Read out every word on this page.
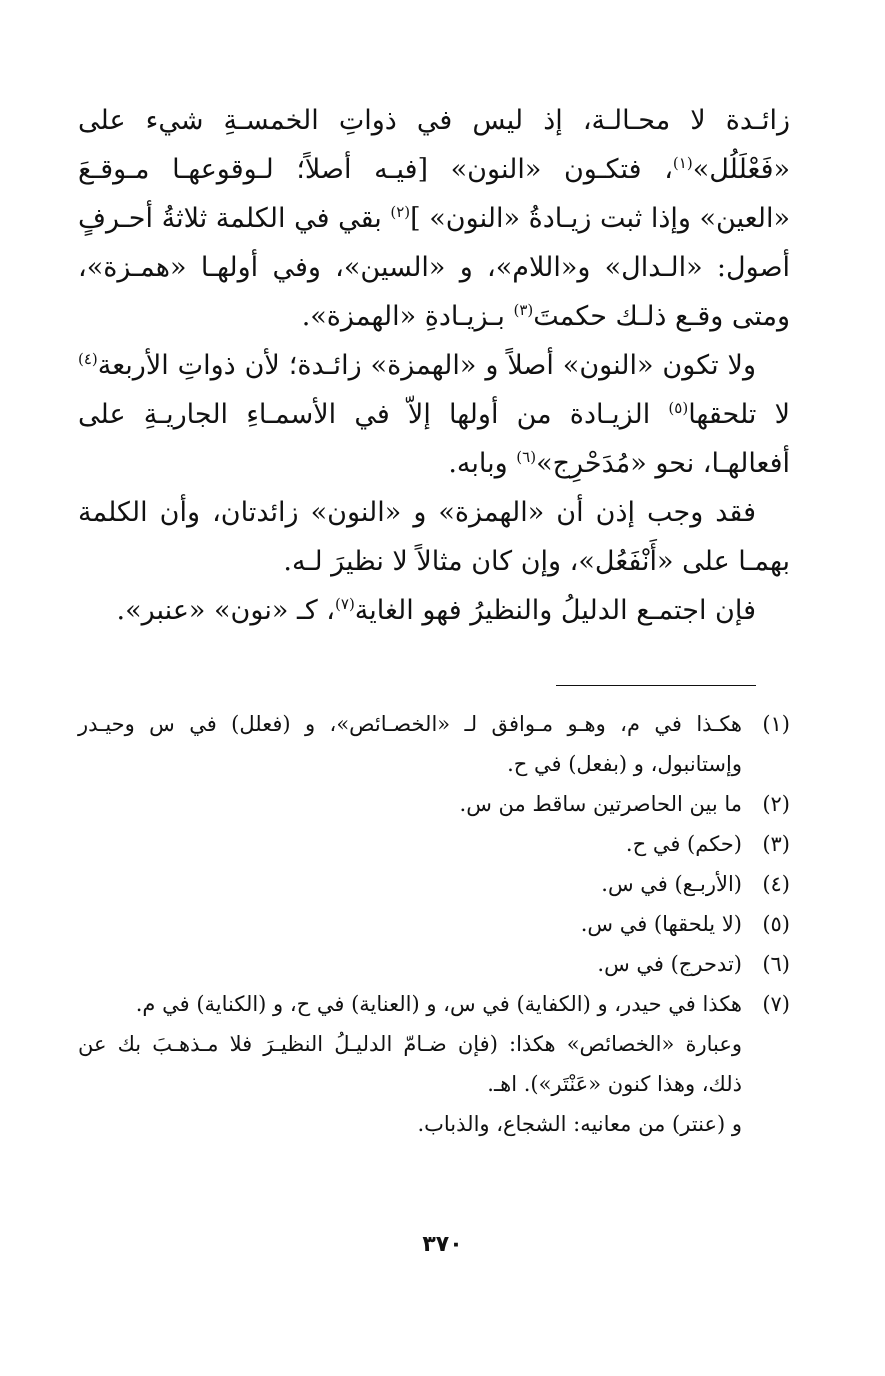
زائـدة لا محـالـة، إذ ليس في ذواتِ الخمسـةِ شيء على «فَعْلَلُل»$^{(١)}$، فتكـون «النون» [فيـه أصلاً؛ لـوقوعهـا مـوقـعَ «العين» وإذا ثبت زيـادةُ «النون» ]$^{(٢)}$ بقي في الكلمة ثلاثةُ أحـرفٍ أصول: «الـدال» و«اللام»، و «السين»، وفي أولهـا «همـزة»، ومتى وقـع ذلـك حكمتَ$^{(٣)}$ بـزيـادةِ «الهمزة».

ولا تكون «النون» أصلاً و «الهمزة» زائـدة؛ لأن ذواتِ الأربعة$^{(٤)}$ لا تلحقها$^{(٥)}$ الزيـادة من أولها إلاّ في الأسمـاءِ الجاريـةِ على أفعالهـا، نحو «مُدَحْرِج»$^{(٦)}$ وبابه.

فقد وجب إذن أن «الهمزة» و «النون» زائدتان، وأن الكلمة بهمـا على «أَنْفَعُل»، وإن كان مثالاً لا نظيرَ لـه.

فإن اجتمـع الدليلُ والنظيرُ فهو الغاية$^{(٧)}$، كـ «نون» «عنبر».

(١)
هكـذا في م، وهـو مـوافق لـ «الخصـائص»، و (فعلل) في س وحيـدر وإستانبول، و (بفعل) في ح.
(٢)
ما بين الحاصرتين ساقط من س.
(٣)
(حكم) في ح.
(٤)
(الأربـع) في س.
(٥)
(لا يلحقها) في س.
(٦)
(تدحرج) في س.
(٧)
هكذا في حيدر، و (الكفاية) في س، و (العناية) في ح، و (الكناية) في م.
وعبارة «الخصائص» هكذا: (فإن ضـامّ الدليـلُ النظيـرَ فلا مـذهـبَ بك عن ذلك، وهذا كنون «عَنْتَر»). اهـ.
و (عنتر) من معانيه: الشجاع، والذباب.
٣٧٠
